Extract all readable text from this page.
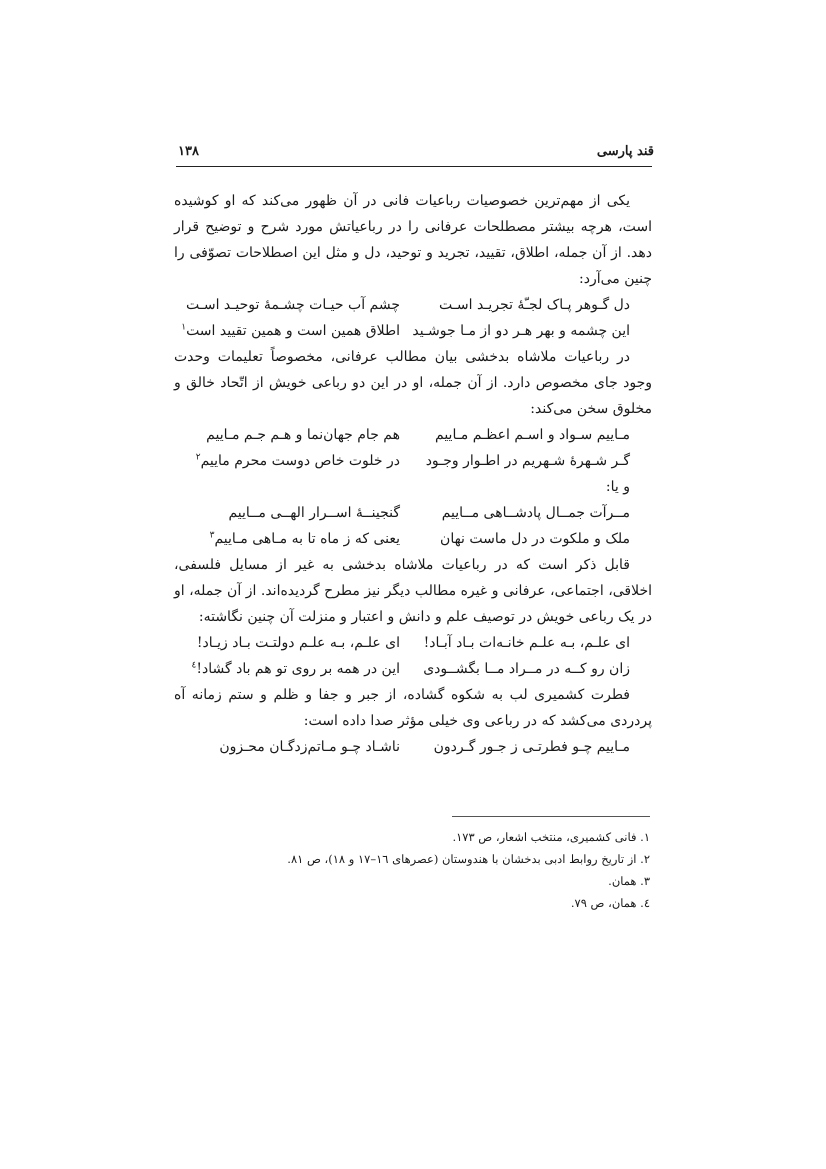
قند پارسی
۱۳۸

یکی از مهم‌ترین خصوصیات رباعیات فانی در آن ظهور می‌کند که او کوشیده است، هرچه بیشتر مصطلحات عرفانی را در رباعیاتش مورد شرح و توضیح قرار دهد. از آن جمله، اطلاق، تقیید، تجرید و توحید، دل و مثل این اصطلاحات تصوّفی را چنین می‌آرد:

دل گـوهر پـاک لجـّۀ تجریـد اسـت
چشم آب حیـات چشـمۀ توحیـد اسـت
این چشمه و بهر هـر دو از مـا جوشـید
اطلاق همین است و همین تقیید است$^۱$

در رباعیات ملاشاه بدخشی بیان مطالب عرفانی، مخصوصاً تعلیمات وحدت وجود جای مخصوص دارد. از آن جمله، او در این دو رباعی خویش از اتّحاد خالق و مخلوق سخن می‌کند:

مـاییم سـواد و اسـم اعظـم مـاییم
هم جام جهان‌نما و هـم جـم مـاییم
گـر شـهرۀ شـهریم در اطـوار وجـود
در خلوت خاص دوست محرم ماییم$^۲$

و یا:

مــرآت جمــال پادشــاهی مــاییم
گنجینــۀ اســرار الهــی مــاییم
ملک و ملکوت در دل ماست نهان
یعنی که ز ماه تا به مـاهی مـاییم$^۳$

قابل ذکر است که در رباعیات ملاشاه بدخشی به غیر از مسایل فلسفی، اخلاقی، اجتماعی، عرفانی و غیره مطالب دیگر نیز مطرح گردیده‌اند. از آن جمله، او در یک رباعی خویش در توصیف علم و دانش و اعتبار و منزلت آن چنین نگاشته:

ای علـم، بـه علـم خانـه‌ات بـاد آبـاد!
ای علـم، بـه علـم دولتـت بـاد زیـاد!
زان رو کــه در مــراد مــا بگشــودی
این در همه بر روی تو هم باد گشاد!$^٤$

فطرت کشمیری لب به شکوه گشاده، از جبر و جفا و ظلم و ستم زمانه آه پردردی می‌کشد که در رباعی وی خیلی مؤثر صدا داده است:

مـاییم چـو فطرتـی ز جـور گـردون
ناشـاد چـو مـاتم‌زدگـان محـزون
۱. فانی کشمیری، منتخب اشعار، ص ۱۷۳.
۲. از تاریخ روابط ادبی بدخشان با هندوستان (عصرهای ۱٦–۱۷ و ۱۸)، ص ۸۱.
۳. همان.
٤. همان، ص ۷۹.
